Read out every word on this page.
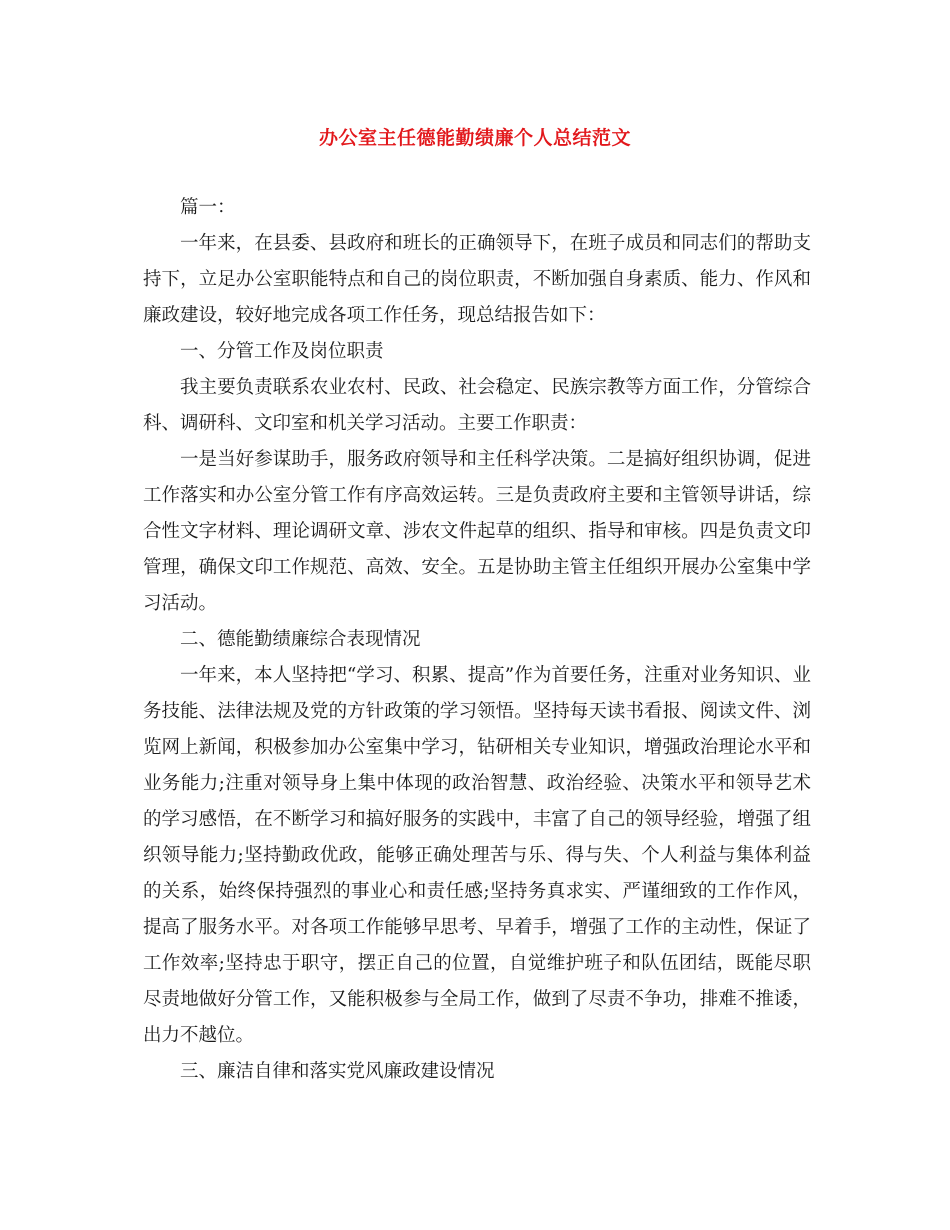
办公室主任德能勤绩廉个人总结范文

篇一：

一年来，在县委、县政府和班长的正确领导下，在班子成员和同志们的帮助支持下，立足办公室职能特点和自己的岗位职责，不断加强自身素质、能力、作风和廉政建设，较好地完成各项工作任务，现总结报告如下：

一、分管工作及岗位职责

我主要负责联系农业农村、民政、社会稳定、民族宗教等方面工作，分管综合科、调研科、文印室和机关学习活动。主要工作职责：

一是当好参谋助手，服务政府领导和主任科学决策。二是搞好组织协调，促进工作落实和办公室分管工作有序高效运转。三是负责政府主要和主管领导讲话，综合性文字材料、理论调研文章、涉农文件起草的组织、指导和审核。四是负责文印管理，确保文印工作规范、高效、安全。五是协助主管主任组织开展办公室集中学习活动。

二、德能勤绩廉综合表现情况

一年来，本人坚持把“学习、积累、提高”作为首要任务，注重对业务知识、业务技能、法律法规及党的方针政策的学习领悟。坚持每天读书看报、阅读文件、浏览网上新闻，积极参加办公室集中学习，钻研相关专业知识，增强政治理论水平和业务能力;注重对领导身上集中体现的政治智慧、政治经验、决策水平和领导艺术的学习感悟，在不断学习和搞好服务的实践中，丰富了自己的领导经验，增强了组织领导能力;坚持勤政优政，能够正确处理苦与乐、得与失、个人利益与集体利益的关系，始终保持强烈的事业心和责任感;坚持务真求实、严谨细致的工作作风，提高了服务水平。对各项工作能够早思考、早着手，增强了工作的主动性，保证了工作效率;坚持忠于职守，摆正自己的位置，自觉维护班子和队伍团结，既能尽职尽责地做好分管工作，又能积极参与全局工作，做到了尽责不争功，排难不推诿，出力不越位。

三、廉洁自律和落实党风廉政建设情况
